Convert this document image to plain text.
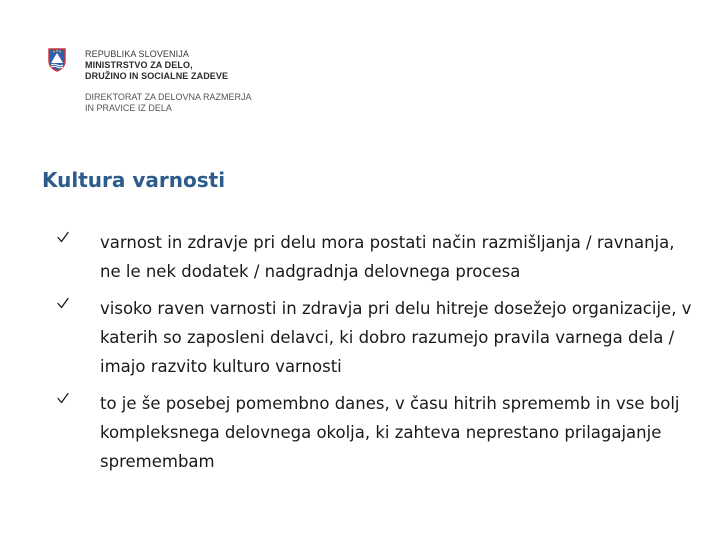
REPUBLIKA SLOVENIJA
MINISTRSTVO ZA DELO,
DRUŽINO IN SOCIALNE ZADEVE
DIREKTORAT ZA DELOVNA RAZMERJA
IN PRAVICE IZ DELA
Kultura varnosti
varnost in zdravje pri delu mora postati način razmišljanja / ravnanja, ne le nek dodatek / nadgradnja delovnega procesa
visoko raven varnosti in zdravja pri delu hitreje dosežejo organizacije, v katerih so zaposleni delavci, ki dobro razumejo pravila varnega dela / imajo razvito kulturo varnosti
to je še posebej pomembno danes, v času hitrih sprememb in vse bolj kompleksnega delovnega okolja, ki zahteva neprestano prilagajanje spremembam
